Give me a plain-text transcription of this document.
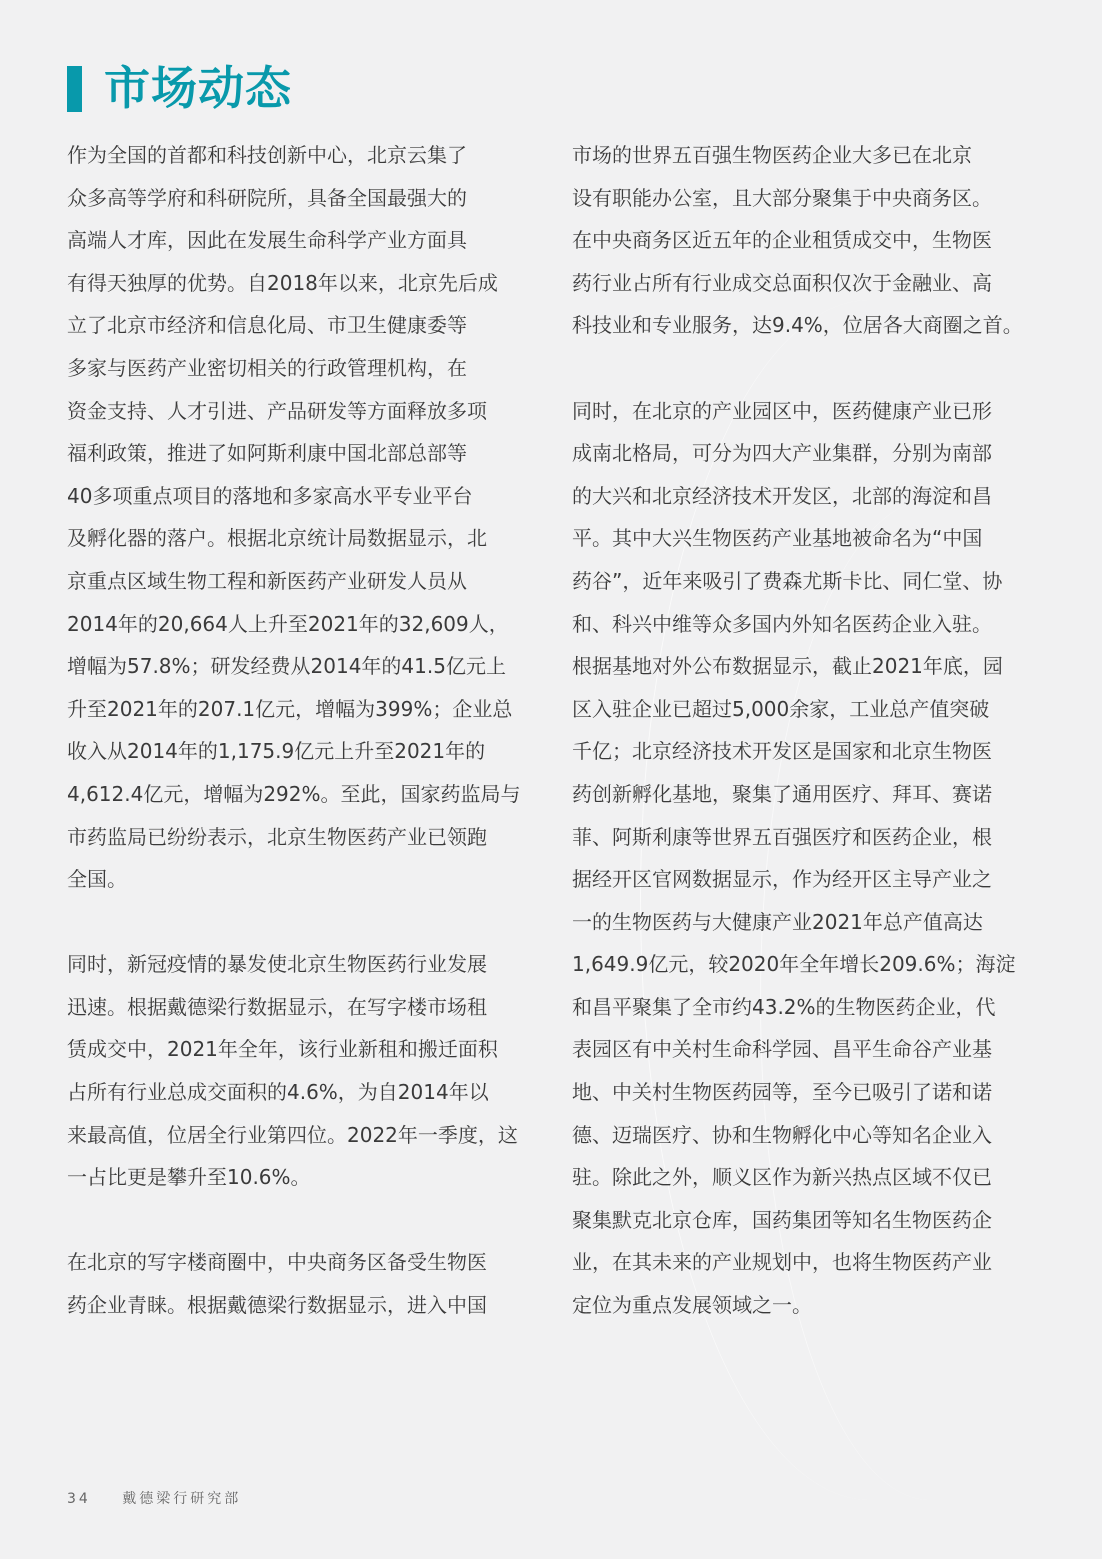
市场动态
作为全国的首都和科技创新中心，北京云集了
众多高等学府和科研院所，具备全国最强大的
高端人才库，因此在发展生命科学产业方面具
有得天独厚的优势。自2018年以来，北京先后成
立了北京市经济和信息化局、市卫生健康委等
多家与医药产业密切相关的行政管理机构，在
资金支持、人才引进、产品研发等方面释放多项
福利政策，推进了如阿斯利康中国北部总部等
40多项重点项目的落地和多家高水平专业平台
及孵化器的落户。根据北京统计局数据显示，北
京重点区域生物工程和新医药产业研发人员从
2014年的20,664人上升至2021年的32,609人，
增幅为57.8%；研发经费从2014年的41.5亿元上
升至2021年的207.1亿元，增幅为399%；企业总
收入从2014年的1,175.9亿元上升至2021年的
4,612.4亿元，增幅为292%。至此，国家药监局与
市药监局已纷纷表示，北京生物医药产业已领跑
全国。
同时，新冠疫情的暴发使北京生物医药行业发展
迅速。根据戴德梁行数据显示，在写字楼市场租
赁成交中，2021年全年，该行业新租和搬迁面积
占所有行业总成交面积的4.6%，为自2014年以
来最高值，位居全行业第四位。2022年一季度，这
一占比更是攀升至10.6%。
在北京的写字楼商圈中，中央商务区备受生物医
药企业青睐。根据戴德梁行数据显示，进入中国
市场的世界五百强生物医药企业大多已在北京
设有职能办公室，且大部分聚集于中央商务区。
在中央商务区近五年的企业租赁成交中，生物医
药行业占所有行业成交总面积仅次于金融业、高
科技业和专业服务，达9.4%，位居各大商圈之首。
同时，在北京的产业园区中，医药健康产业已形
成南北格局，可分为四大产业集群，分别为南部
的大兴和北京经济技术开发区，北部的海淀和昌
平。其中大兴生物医药产业基地被命名为“中国
药谷”，近年来吸引了费森尤斯卡比、同仁堂、协
和、科兴中维等众多国内外知名医药企业入驻。
根据基地对外公布数据显示，截止2021年底，园
区入驻企业已超过5,000余家，工业总产值突破
千亿；北京经济技术开发区是国家和北京生物医
药创新孵化基地，聚集了通用医疗、拜耳、赛诺
菲、阿斯利康等世界五百强医疗和医药企业，根
据经开区官网数据显示，作为经开区主导产业之
一的生物医药与大健康产业2021年总产值高达
1,649.9亿元，较2020年全年增长209.6%；海淀
和昌平聚集了全市约43.2%的生物医药企业，代
表园区有中关村生命科学园、昌平生命谷产业基
地、中关村生物医药园等，至今已吸引了诺和诺
德、迈瑞医疗、协和生物孵化中心等知名企业入
驻。除此之外，顺义区作为新兴热点区域不仅已
聚集默克北京仓库，国药集团等知名生物医药企
业，在其未来的产业规划中，也将生物医药产业
定位为重点发展领域之一。
34 戴德梁行研究部
